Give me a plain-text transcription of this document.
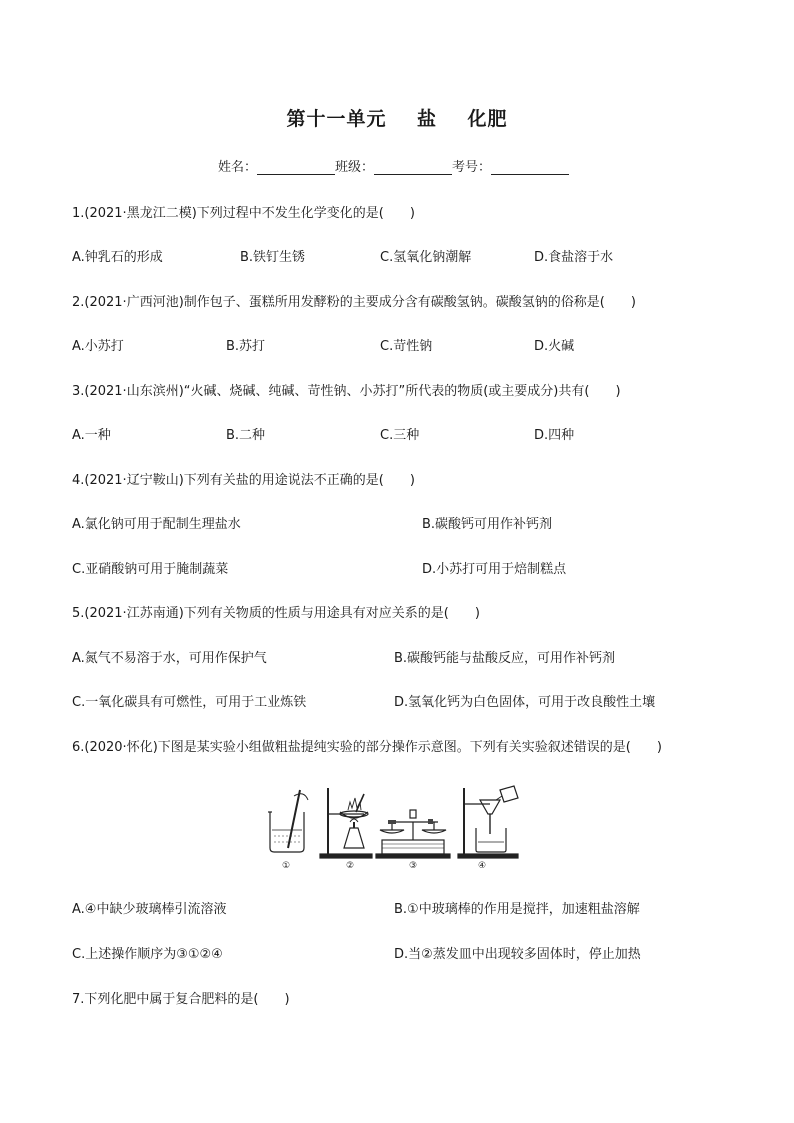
第十一单元    盐    化肥
姓名：	班级：	考号：
1.(2021·黑龙江二模)下列过程中不发生化学变化的是(　　)
A.钟乳石的形成	B.铁钉生锈	C.氢氧化钠潮解	D.食盐溶于水
2.(2021·广西河池)制作包子、蛋糕所用发酵粉的主要成分含有碳酸氢钠。碳酸氢钠的俗称是(　　)
A.小苏打	B.苏打	C.苛性钠	D.火碱
3.(2021·山东滨州)“火碱、烧碱、纯碱、苛性钠、小苏打”所代表的物质(或主要成分)共有(　　)
A.一种	B.二种	C.三种	D.四种
4.(2021·辽宁鞍山)下列有关盐的用途说法不正确的是(　　)
A.氯化钠可用于配制生理盐水	B.碳酸钙可用作补钙剂
C.亚硝酸钠可用于腌制蔬菜	D.小苏打可用于焙制糕点
5.(2021·江苏南通)下列有关物质的性质与用途具有对应关系的是(　　)
A.氮气不易溶于水，可用作保护气	B.碳酸钙能与盐酸反应，可用作补钙剂
C.一氧化碳具有可燃性，可用于工业炼铁	D.氢氧化钙为白色固体，可用于改良酸性土壤
6.(2020·怀化)下图是某实验小组做粗盐提纯实验的部分操作示意图。下列有关实验叙述错误的是(　　)
①	②	③	④
A.④中缺少玻璃棒引流溶液	B.①中玻璃棒的作用是搅拌，加速粗盐溶解
C.上述操作顺序为③①②④	D.当②蒸发皿中出现较多固体时，停止加热
7.下列化肥中属于复合肥料的是(　　)
